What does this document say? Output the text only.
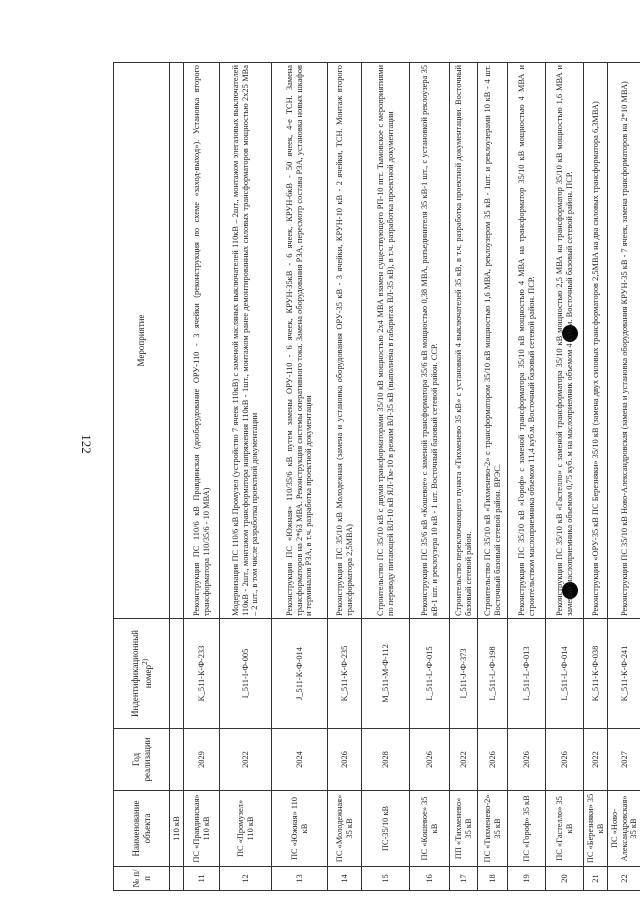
122
№ п/п	Наименование объекта	Год реализации	Индентификационный номер$^{2)}$	Мероприятие
	110 кВ			
11	ПС «Правдинская» 110 кВ	2029	K_511-К-Ф-233	Реконструкция ПС 110/6 кВ Правдинская (дооборудование ОРУ-110 - 3 ячейки (реконструкция по схеме «заход-выход»). Установка второго трансформатора 110/35/6 - 10 МВА)
12	ПС «Промузел» 110 кВ	2022	I_511-I-Ф-005	Модернизация ПС 110/6 кВ Промузел (устройство 7 ячеек 110кВ) с заменой масляных выключателей 110кВ – 2шт., монтажом элегазовых выключателей 110кВ - 2шт., монтажом трансформатора напряжения 110кВ - 1шт., монтажом ранее демонтированных силовых трансформаторов мощностью 2х25 МВа – 2 шт., в том числе разработка проектной документации
13	ПС «Южная» 110 кВ	2024	J_511-К-Ф-014	Реконструкция ПС «Южная» 110/35/6 кВ путем замены ОРУ-110 - 6 ячеек, КРУН-35кВ - 6 ячеек, КРУН-6кВ - 50 ячеек, 4-е ТСН. Замена трансформаторов на 2*63 МВА. Реконструкция системы оперативного тока. Замена оборудования РЗА, пересмотр состава РЗА, установка новых шкафов и терминалов РЗА, в т.ч. разработка проектной документации
14	ПС «Молодежная» 35 кВ	2026	K_511-К-Ф-235	Реконструкция ПС 35/10 кВ Молодежная (замена и установка оборудования ОРУ-35 кВ - 3 ячейки, КРУН-10 кВ - 2 ячейки, ТСН. Монтаж второго трансформатора 2,5МВА)
15	ПС-35/10 кВ	2028	M_511-М-Ф-112	Строительство ПС 35/10 кВ с двумя трансформаторами 35/10 кВ мощностью 2х4 МВА взамен существующего РП-10 пгт. Тымовское с мероприятиями по переводу питающей ВЛ-10 кВ ЯЛ-Тм-10 в режим ВЛ-35 кВ (выполнена в габаритах ВЛ-35 кВ), в т.ч. разработка проектной документации
16	ПС «Кошевое» 35 кВ	2026	L_511-L-Ф-015	Реконструкция ПС 35/6 кВ «Кошевое» с заменой трансформатора 35/6 кВ мощностью 0,38 МВА, разъединителя 35 кВ-1 шт., с установкой реклоузера 35 кВ-1 шт. и реклоузера 10 кВ - 1 шт. Восточный базовый сетевой район. ССР.
17	ПП «Тихменево» 35 кВ	2022	I_511-J-Ф-373	Строительство переключающего пункта «Тихменево 35 кВ» с установкой 4 выключателей 35 кВ, в т.ч. разработка проектной документации. Восточный базовый сетевой район.
18	ПС «Тихменево-2» 35 кВ	2026	L_511-L-Ф-198	Строительство ПС 35/10 кВ «Тихменево-2» с трансформатором 35/10 кВ мощностью 1,6 МВА, реклоузером 35 кВ - 1шт. и реклоузерами 10 кВ - 4 шт. Восточный базовый сетевой район. ВРЭС.
19	ПС «Гороф» 35 кВ	2026	L_511-L-Ф-013	Реконструкция ПС 35/10 кВ «Гороф» с заменой трансформатора 35/10 кВ мощностью 4 МВА на трансформатор 35/10 кВ мощностью 4 МВА и строительством маслоприемника объемом 11,4 куб.м. Восточный базовый сетевой район. ПСР.
20	ПС «Гастелло» 35 кВ	2026	L_511-L-Ф-014	Реконструкция ПС 35/10 кВ «Гастелло» с заменой трансформатора 35/10 кВ мощностью 2,5 МВА на трансформатор 35/10 кВ мощностью 1,6 МВА и заменой маслоприемника объемом 0,75 куб. м на маслоприемник объемом 4 куб.м. Восточный базовый сетевой район. ПСР.
21	ПС «Березняки» 35 кВ	2022	K_511-К-Ф-038	Реконструкция «ОРУ-35 кВ ПС Березняки» 35/10 кВ (замена двух силовых трансформаторов 2,5МВА на два силовых трансформатора 6,3МВА)
22	ПС «Ново-Александровская» 35 кВ	2027	K_511-К-Ф-241	Реконструкция ПС 35/10 кВ Ново-Александровская (замена и установка оборудования КРУН-35 кВ - 7 ячеек, замена трансформаторов на 2*10 МВА)
